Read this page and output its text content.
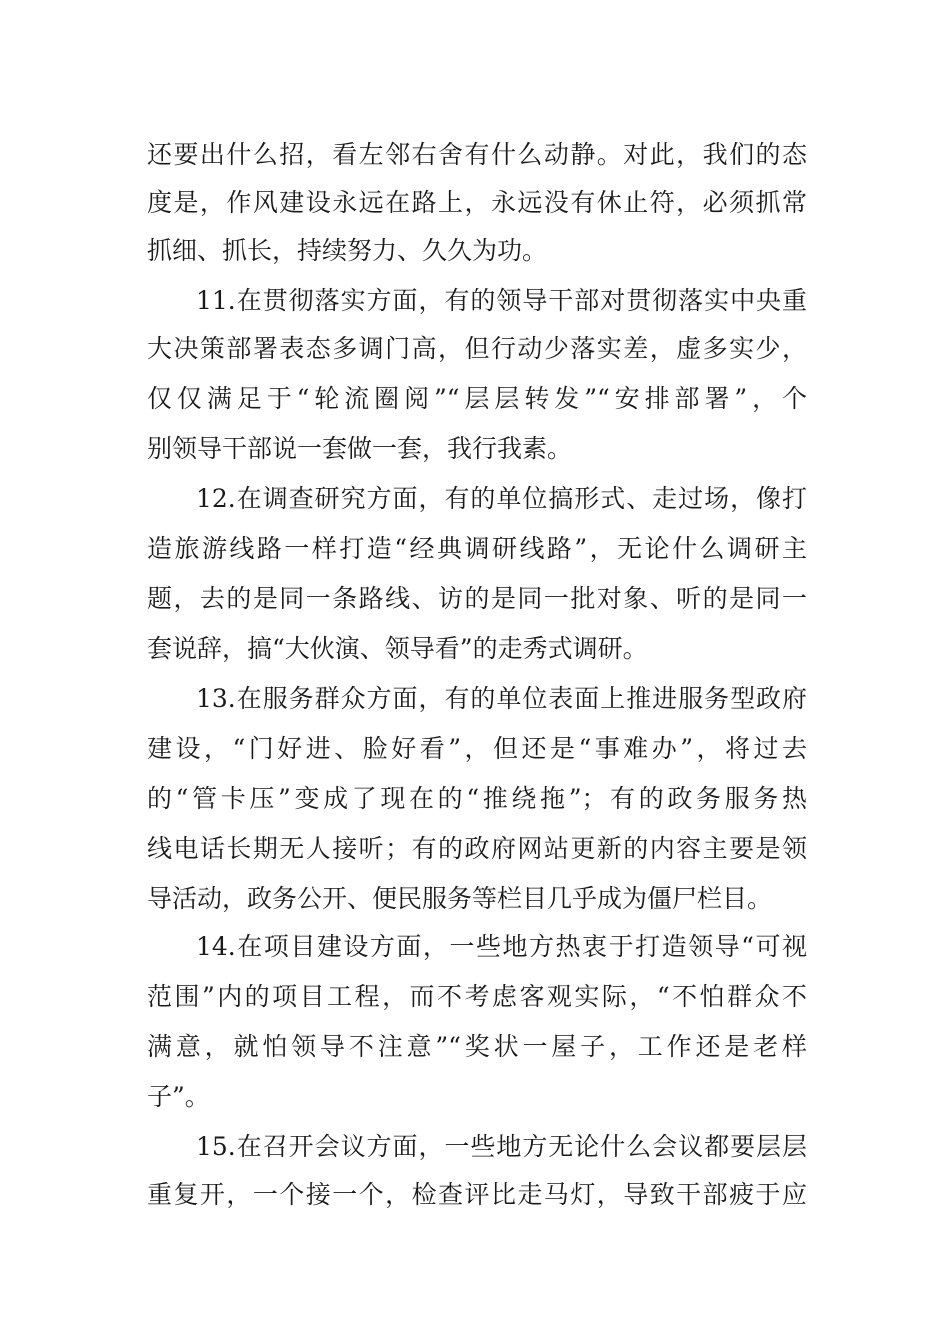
还要出什么招，看左邻右舍有什么动静。对此，我们的态
度是，作风建设永远在路上，永远没有休止符，必须抓常
抓细、抓长，持续努力、久久为功。
11.在贯彻落实方面，有的领导干部对贯彻落实中央重
大决策部署表态多调门高，但行动少落实差，虚多实少，
仅仅满足于“轮流圈阅”“层层转发”“安排部署”，个
别领导干部说一套做一套，我行我素。
12.在调查研究方面，有的单位搞形式、走过场，像打
造旅游线路一样打造“经典调研线路”，无论什么调研主
题，去的是同一条路线、访的是同一批对象、听的是同一
套说辞，搞“大伙演、领导看”的走秀式调研。
13.在服务群众方面，有的单位表面上推进服务型政府
建设，“门好进、脸好看”，但还是“事难办”，将过去
的“管卡压”变成了现在的“推绕拖”；有的政务服务热
线电话长期无人接听；有的政府网站更新的内容主要是领
导活动，政务公开、便民服务等栏目几乎成为僵尸栏目。
14.在项目建设方面，一些地方热衷于打造领导“可视
范围”内的项目工程，而不考虑客观实际，“不怕群众不
满意，就怕领导不注意”“奖状一屋子，工作还是老样
子”。
15.在召开会议方面，一些地方无论什么会议都要层层
重复开，一个接一个，检查评比走马灯，导致干部疲于应
